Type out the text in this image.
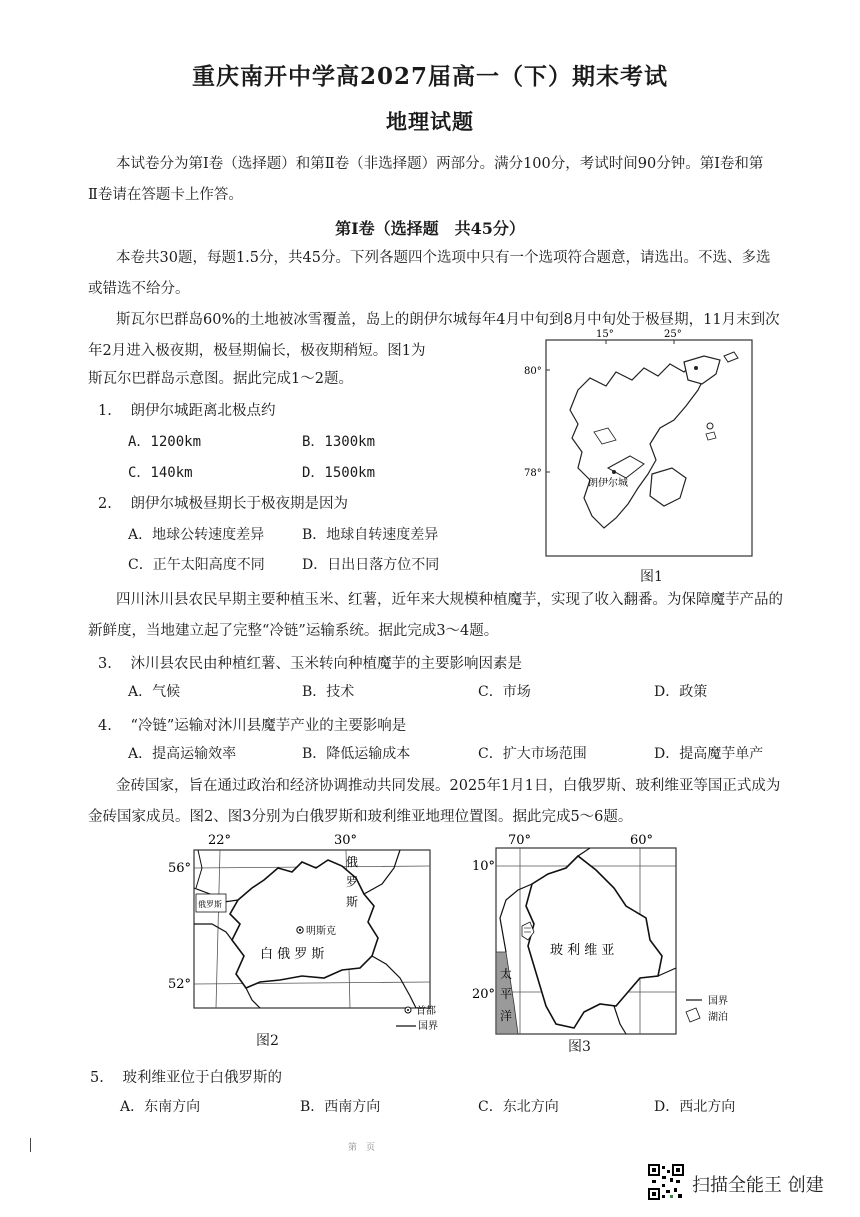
重庆南开中学高2027届高一（下）期末考试
地理试题
本试卷分为第Ⅰ卷（选择题）和第Ⅱ卷（非选择题）两部分。满分100分，考试时间90分钟。第Ⅰ卷和第
Ⅱ卷请在答题卡上作答。
第Ⅰ卷（选择题　共45分）
本卷共30题，每题1.5分，共45分。下列各题四个选项中只有一个选项符合题意，请选出。不选、多选
或错选不给分。
斯瓦尔巴群岛60%的土地被冰雪覆盖，岛上的朗伊尔城每年4月中旬到8月中旬处于极昼期，11月末到次
年2月进入极夜期，极昼期偏长，极夜期稍短。图1为
斯瓦尔巴群岛示意图。据此完成1～2题。
1. 朗伊尔城距离北极点约
A．1200km	B．1300km
C．140km	D．1500km
2. 朗伊尔城极昼期长于极夜期是因为
A．地球公转速度差异	B．地球自转速度差异
C．正午太阳高度不同	D．日出日落方位不同
朗伊尔城
15°	25°
80°
78°
图1
四川沐川县农民早期主要种植玉米、红薯，近年来大规模种植魔芋，实现了收入翻番。为保障魔芋产品的
新鲜度，当地建立起了完整“冷链”运输系统。据此完成3～4题。
3. 沐川县农民由种植红薯、玉米转向种植魔芋的主要影响因素是
A．气候	B．技术	C．市场	D．政策
4. “冷链”运输对沐川县魔芋产业的主要影响是
A．提高运输效率	B．降低运输成本	C．扩大市场范围	D．提高魔芋单产
金砖国家，旨在通过政治和经济协调推动共同发展。2025年1月1日，白俄罗斯、玻利维亚等国正式成为
金砖国家成员。图2、图3分别为白俄罗斯和玻利维亚地理位置图。据此完成5～6题。
22°	30°
56°
52°
俄
罗
斯
俄罗斯
明斯克
白 俄 罗 斯
首都
国界
图2
70°	60°
10°
20°
玻 利 维 亚
太
平
洋
国界
湖泊
图3
5. 玻利维亚位于白俄罗斯的
A．东南方向	B．西南方向	C．东北方向	D．西北方向
第　页
扫描全能王 创建
